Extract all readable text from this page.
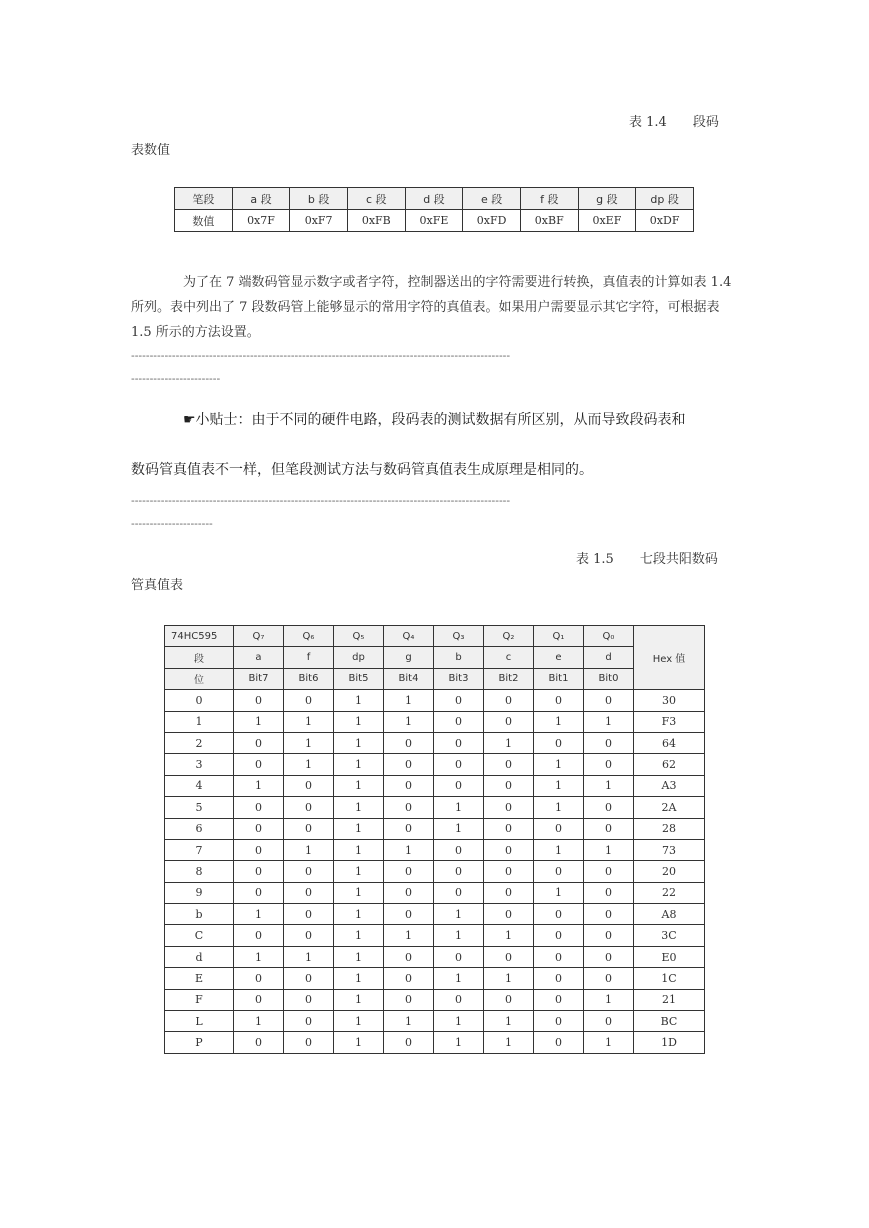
表 1.4 段码
表数值
笔段	a 段	b 段	c 段	d 段	e 段	f 段	g 段	dp 段
数值	0x7F	0xF7	0xFB	0xFE	0xFD	0xBF	0xEF	0xDF
为了在 7 端数码管显示数字或者字符，控制器送出的字符需要进行转换，真值表的计算如表 1.4 所列。表中列出了 7 段数码管上能够显示的常用字符的真值表。如果用户需要显示其它字符，可根据表 1.5 所示的方法设置。
------------------------------------------------------------------------------------------------------
------------------------
☛小贴士：由于不同的硬件电路，段码表的测试数据有所区别，从而导致段码表和
数码管真值表不一样，但笔段测试方法与数码管真值表生成原理是相同的。
------------------------------------------------------------------------------------------------------
----------------------
表 1.5 七段共阳数码
管真值表
74HC595	Q₇	Q₆	Q₅	Q₄	Q₃	Q₂	Q₁	Q₀	Hex 值
段	a	f	dp	g	b	c	e	d	
位	Bit7	Bit6	Bit5	Bit4	Bit3	Bit2	Bit1	Bit0	
0	0	0	1	1	0	0	0	0	30
1	1	1	1	1	0	0	1	1	F3
2	0	1	1	0	0	1	0	0	64
3	0	1	1	0	0	0	1	0	62
4	1	0	1	0	0	0	1	1	A3
5	0	0	1	0	1	0	1	0	2A
6	0	0	1	0	1	0	0	0	28
7	0	1	1	1	0	0	1	1	73
8	0	0	1	0	0	0	0	0	20
9	0	0	1	0	0	0	1	0	22
b	1	0	1	0	1	0	0	0	A8
C	0	0	1	1	1	1	0	0	3C
d	1	1	1	0	0	0	0	0	E0
E	0	0	1	0	1	1	0	0	1C
F	0	0	1	0	0	0	0	1	21
L	1	0	1	1	1	1	0	0	BC
P	0	0	1	0	1	1	0	1	1D
